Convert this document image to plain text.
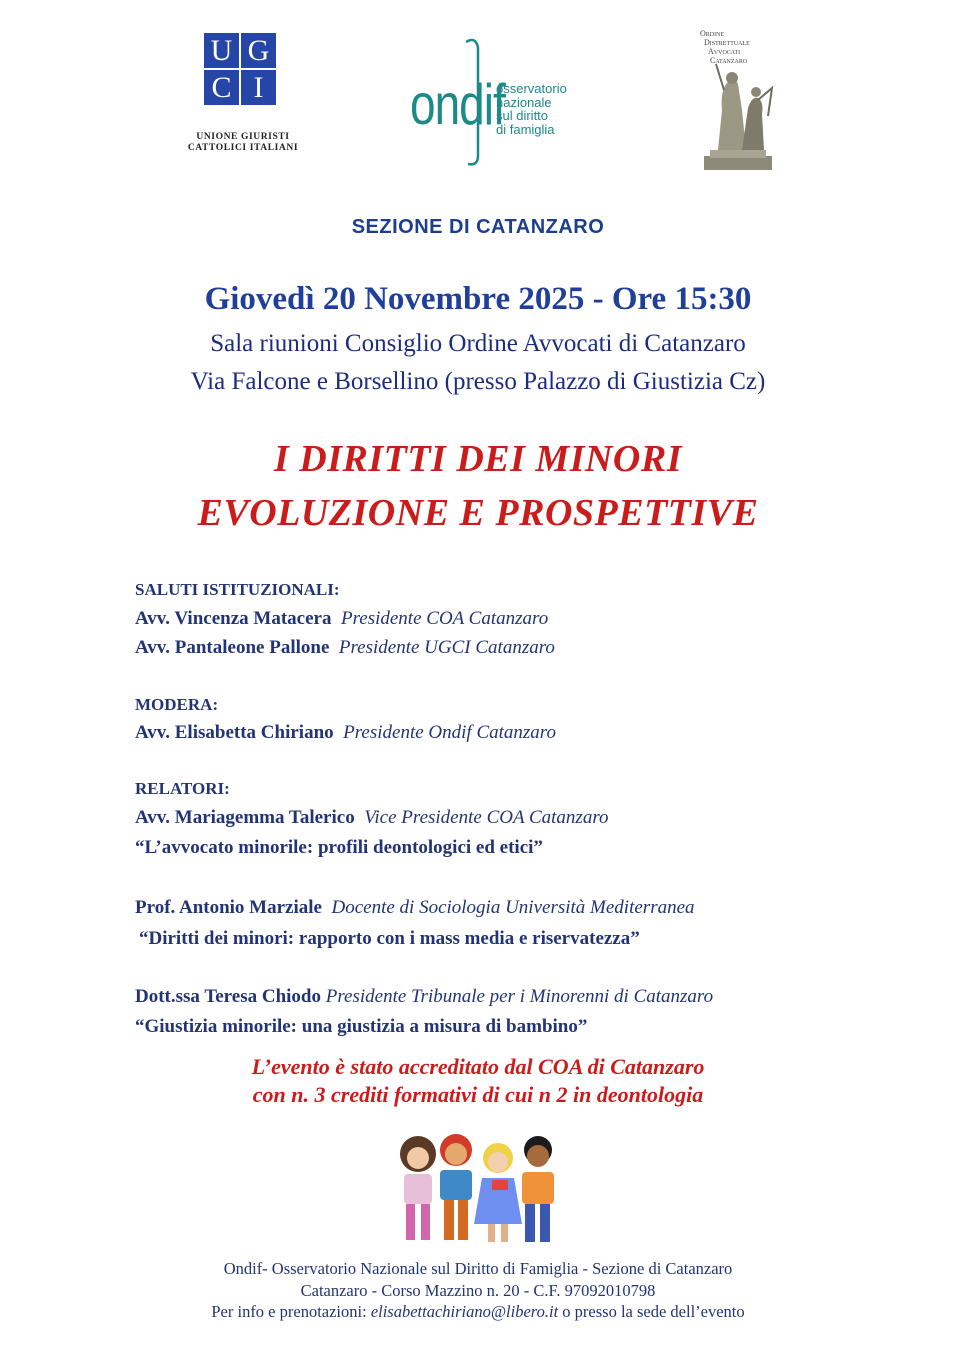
U G
C I
UNIONE GIURISTI
CATTOLICI ITALIANI
ondif
osservatorio
nazionale
sul diritto
di famiglia
Ordine
Distrettuale
Avvocati
Catanzaro
SEZIONE DI CATANZARO
Giovedì 20 Novembre 2025 - Ore 15:30
Sala riunioni Consiglio Ordine Avvocati di Catanzaro
Via Falcone e Borsellino (presso Palazzo di Giustizia Cz)
I DIRITTI DEI MINORI
EVOLUZIONE E PROSPETTIVE
SALUTI ISTITUZIONALI:
Avv. Vincenza Matacera Presidente COA Catanzaro
Avv. Pantaleone Pallone Presidente UGCI Catanzaro
MODERA:
Avv. Elisabetta Chiriano Presidente Ondif Catanzaro
RELATORI:
Avv. Mariagemma Talerico Vice Presidente COA Catanzaro
“L’avvocato minorile: profili deontologici ed etici”
Prof. Antonio Marziale Docente di Sociologia Università Mediterranea
“Diritti dei minori: rapporto con i mass media e riservatezza”
Dott.ssa Teresa Chiodo Presidente Tribunale per i Minorenni di Catanzaro
“Giustizia minorile: una giustizia a misura di bambino”
L’evento è stato accreditato dal COA di Catanzaro
con n. 3 crediti formativi di cui n 2 in deontologia
Ondif- Osservatorio Nazionale sul Diritto di Famiglia - Sezione di Catanzaro
Catanzaro - Corso Mazzino n. 20 - C.F. 97092010798
Per info e prenotazioni: elisabettachiriano@libero.it o presso la sede dell’evento
